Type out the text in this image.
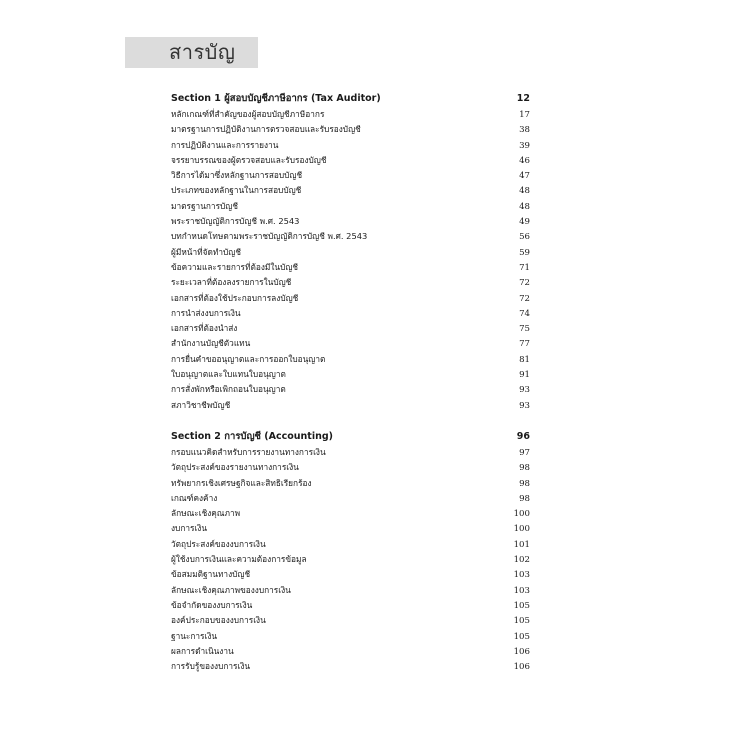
สารบัญ
Section 1 ผู้สอบบัญชีภาษีอากร (Tax Auditor)	12
หลักเกณฑ์ที่สำคัญของผู้สอบบัญชีภาษีอากร	17
มาตรฐานการปฏิบัติงานการตรวจสอบและรับรองบัญชี	38
การปฏิบัติงานและการรายงาน	39
จรรยาบรรณของผู้ตรวจสอบและรับรองบัญชี	46
วิธีการได้มาซึ่งหลักฐานการสอบบัญชี	47
ประเภทของหลักฐานในการสอบบัญชี	48
มาตรฐานการบัญชี	48
พระราชบัญญัติการบัญชี พ.ศ. 2543	49
บทกำหนดโทษตามพระราชบัญญัติการบัญชี พ.ศ. 2543	56
ผู้มีหน้าที่จัดทำบัญชี	59
ข้อความและรายการที่ต้องมีในบัญชี	71
ระยะเวลาที่ต้องลงรายการในบัญชี	72
เอกสารที่ต้องใช้ประกอบการลงบัญชี	72
การนำส่งงบการเงิน	74
เอกสารที่ต้องนำส่ง	75
สำนักงานบัญชีตัวแทน	77
การยื่นคำขออนุญาตและการออกใบอนุญาต	81
ใบอนุญาตและใบแทนใบอนุญาต	91
การสั่งพักหรือเพิกถอนใบอนุญาต	93
สภาวิชาชีพบัญชี	93
Section 2 การบัญชี (Accounting)	96
กรอบแนวคิดสำหรับการรายงานทางการเงิน	97
วัตถุประสงค์ของรายงานทางการเงิน	98
ทรัพยากรเชิงเศรษฐกิจและสิทธิเรียกร้อง	98
เกณฑ์คงค้าง	98
ลักษณะเชิงคุณภาพ	100
งบการเงิน	100
วัตถุประสงค์ของงบการเงิน	101
ผู้ใช้งบการเงินและความต้องการข้อมูล	102
ข้อสมมติฐานทางบัญชี	103
ลักษณะเชิงคุณภาพของงบการเงิน	103
ข้อจำกัดของงบการเงิน	105
องค์ประกอบของงบการเงิน	105
ฐานะการเงิน	105
ผลการดำเนินงาน	106
การรับรู้ของงบการเงิน	106
